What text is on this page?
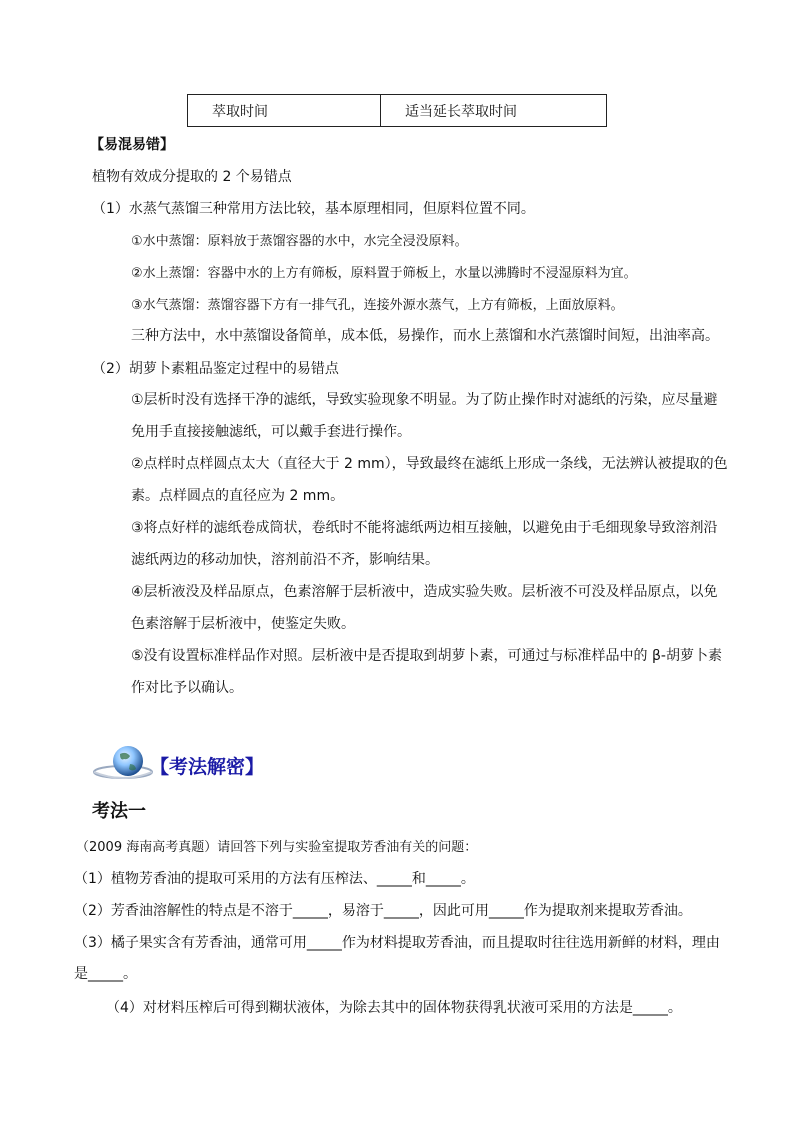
萃取时间	适当延长萃取时间
【易混易错】
植物有效成分提取的 2 个易错点
（1）水蒸气蒸馏三种常用方法比较，基本原理相同，但原料位置不同。
①水中蒸馏：原料放于蒸馏容器的水中，水完全浸没原料。
②水上蒸馏：容器中水的上方有筛板，原料置于筛板上，水量以沸腾时不浸湿原料为宜。
③水气蒸馏：蒸馏容器下方有一排气孔，连接外源水蒸气，上方有筛板，上面放原料。
三种方法中，水中蒸馏设备简单，成本低，易操作，而水上蒸馏和水汽蒸馏时间短，出油率高。
（2）胡萝卜素粗品鉴定过程中的易错点
①层析时没有选择干净的滤纸，导致实验现象不明显。为了防止操作时对滤纸的污染，应尽量避
免用手直接接触滤纸，可以戴手套进行操作。
②点样时点样圆点太大（直径大于 2 mm），导致最终在滤纸上形成一条线，无法辨认被提取的色
素。点样圆点的直径应为 2 mm。
③将点好样的滤纸卷成筒状，卷纸时不能将滤纸两边相互接触，以避免由于毛细现象导致溶剂沿
滤纸两边的移动加快，溶剂前沿不齐，影响结果。
④层析液没及样品原点，色素溶解于层析液中，造成实验失败。层析液不可没及样品原点，以免
色素溶解于层析液中，使鉴定失败。
⑤没有设置标准样品作对照。层析液中是否提取到胡萝卜素，可通过与标准样品中的 β-胡萝卜素
作对比予以确认。
【考法解密】
考法一
（2009 海南高考真题）请回答下列与实验室提取芳香油有关的问题：
（1）植物芳香油的提取可采用的方法有压榨法、_____和_____。
（2）芳香油溶解性的特点是不溶于_____，易溶于_____，因此可用_____作为提取剂来提取芳香油。
（3）橘子果实含有芳香油，通常可用_____作为材料提取芳香油，而且提取时往往选用新鲜的材料，理由
是_____。
（4）对材料压榨后可得到糊状液体，为除去其中的固体物获得乳状液可采用的方法是_____。
